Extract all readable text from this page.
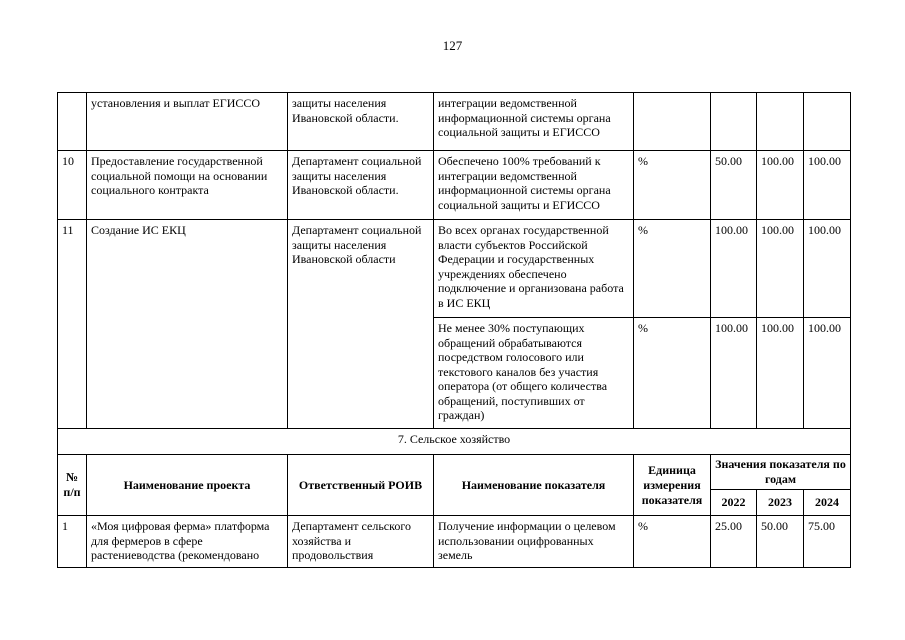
127
	установления и выплат ЕГИССО	защиты населения Ивановской области.	интеграции ведомственной информационной системы органа социальной защиты и ЕГИССО				
10	Предоставление государственной социальной помощи на основании социального контракта	Департамент социальной защиты населения Ивановской области.	Обеспечено 100% требований к интеграции ведомственной информационной системы органа социальной защиты и ЕГИССО	%	50.00	100.00	100.00
11	Создание ИС ЕКЦ	Департамент социальной защиты населения Ивановской области	Во всех органах государственной власти субъектов Российской Федерации и государственных учреждениях обеспечено подключение и организована работа в ИС ЕКЦ	%	100.00	100.00	100.00
			Не менее 30% поступающих обращений обрабатываются посредством голосового или текстового каналов без участия оператора (от общего количества обращений, поступивших от граждан)	%	100.00	100.00	100.00
7. Сельское хозяйство							
№ п/п	Наименование проекта	Ответственный РОИВ	Наименование показателя	Единица измерения показателя	Значения показателя по годам		
					2022	2023	2024
1	«Моя цифровая ферма» платформа для фермеров в сфере растениеводства (рекомендовано	Департамент сельского хозяйства и продовольствия	Получение информации о целевом использовании оцифрованных земель	%	25.00	50.00	75.00
